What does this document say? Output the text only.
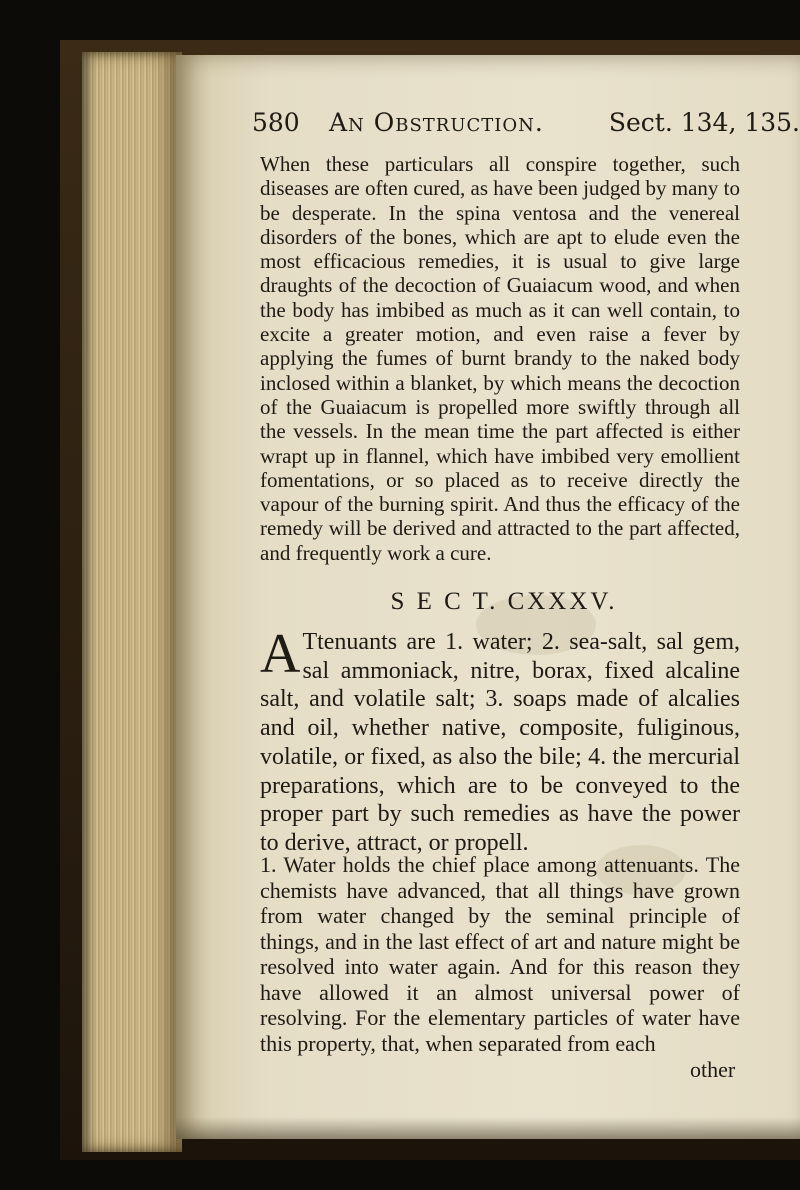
580 An Obstruction.	Sect. 134, 135.
When these particulars all conspire together, such diseases are often cured, as have been judged by many to be desperate. In the spina ventosa and the venereal disorders of the bones, which are apt to elude even the most efficacious remedies, it is usual to give large draughts of the decoction of Guaiacum wood, and when the body has imbibed as much as it can well contain, to excite a greater motion, and even raise a fever by applying the fumes of burnt brandy to the naked body inclosed within a blanket, by which means the decoction of the Guaiacum is propelled more swiftly through all the vessels. In the mean time the part affected is either wrapt up in flannel, which have imbibed very emollient fomentations, or so placed as to receive directly the vapour of the burning spirit. And thus the efficacy of the remedy will be derived and attracted to the part affected, and frequently work a cure.
S E C T. CXXXV.
A Ttenuants are 1. water; 2. sea-salt, sal gem, sal ammoniack, nitre, borax, fixed alcaline salt, and volatile salt; 3. soaps made of alcalies and oil, whether native, composite, fuliginous, volatile, or fixed, as also the bile; 4. the mercurial preparations, which are to be conveyed to the proper part by such remedies as have the power to derive, attract, or propell.
1. Water holds the chief place among attenuants. The chemists have advanced, that all things have grown from water changed by the seminal principle of things, and in the last effect of art and nature might be resolved into water again. And for this reason they have allowed it an almost universal power of resolving. For the elementary particles of water have this property, that, when separated from each
other
